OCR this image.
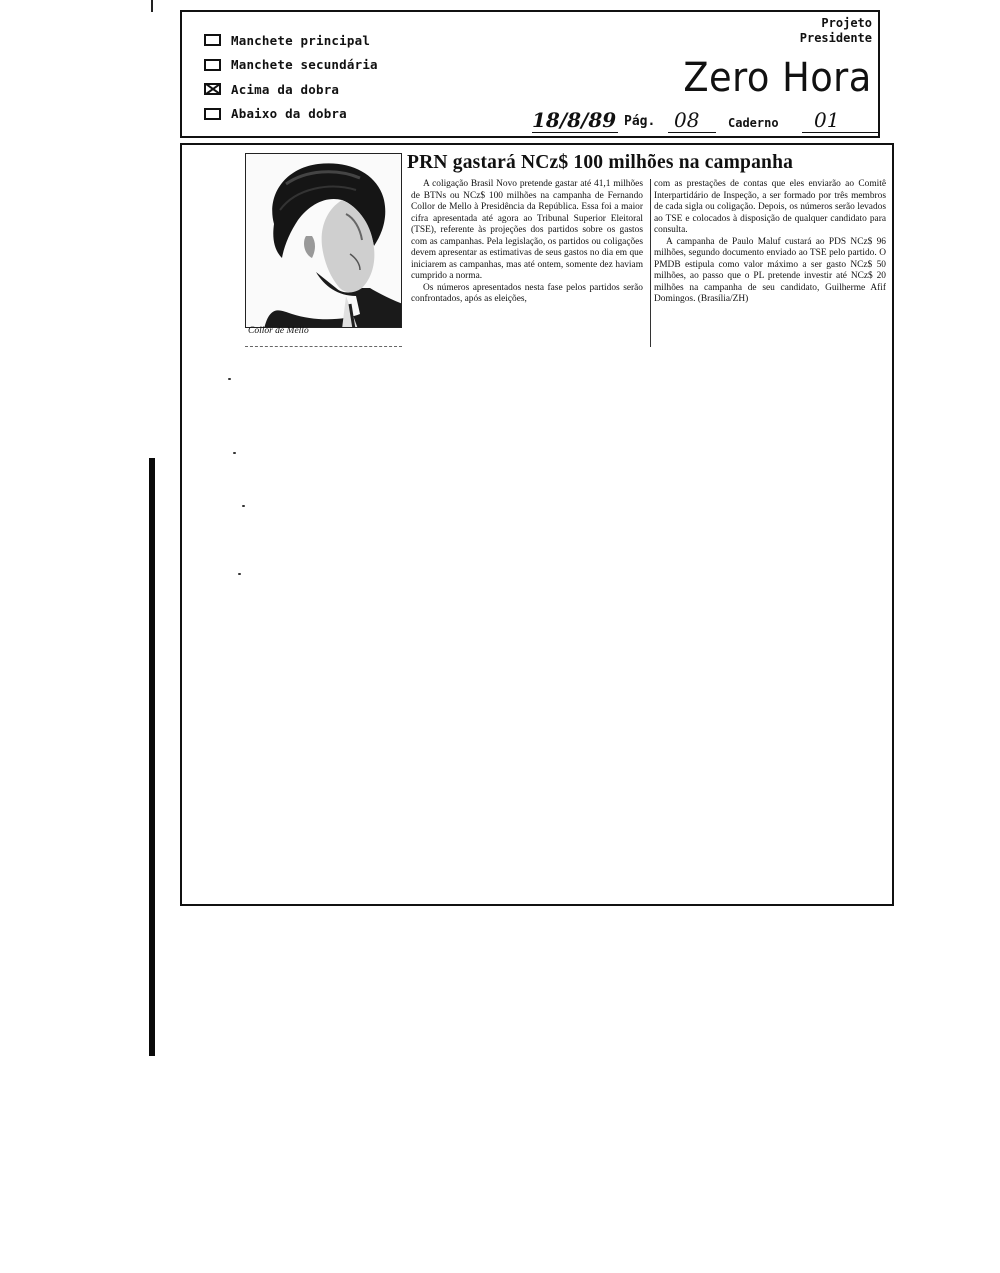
Manchete principal
Manchete secundária
Acima da dobra
Abaixo da dobra
Projeto
Presidente
Zero Hora
18/8/89 Pág. 08 Caderno 01
Collor de Mello
PRN gastará NCz$ 100 milhões na campanha

A coligação Brasil Novo pretende gastar até 41,1 milhões de BTNs ou NCz$ 100 milhões na campanha de Fernando Collor de Mello à Presidência da República. Essa foi a maior cifra apresentada até agora ao Tribunal Superior Eleitoral (TSE), referente às projeções dos partidos sobre os gastos com as campanhas. Pela legislação, os partidos ou coligações devem apresentar as estimativas de seus gastos no dia em que iniciarem as campanhas, mas até ontem, somente dez haviam cumprido a norma.

Os números apresentados nesta fase pelos partidos serão confrontados, após as eleições,

com as prestações de contas que eles enviarão ao Comitê Interpartidário de Inspeção, a ser formado por três membros de cada sigla ou coligação. Depois, os números serão levados ao TSE e colocados à disposição de qualquer candidato para consulta.

A campanha de Paulo Maluf custará ao PDS NCz$ 96 milhões, segundo documento enviado ao TSE pelo partido. O PMDB estipula como valor máximo a ser gasto NCz$ 50 milhões, ao passo que o PL pretende investir até NCz$ 20 milhões na campanha de seu candidato, Guilherme Afif Domingos. (Brasília/ZH)
